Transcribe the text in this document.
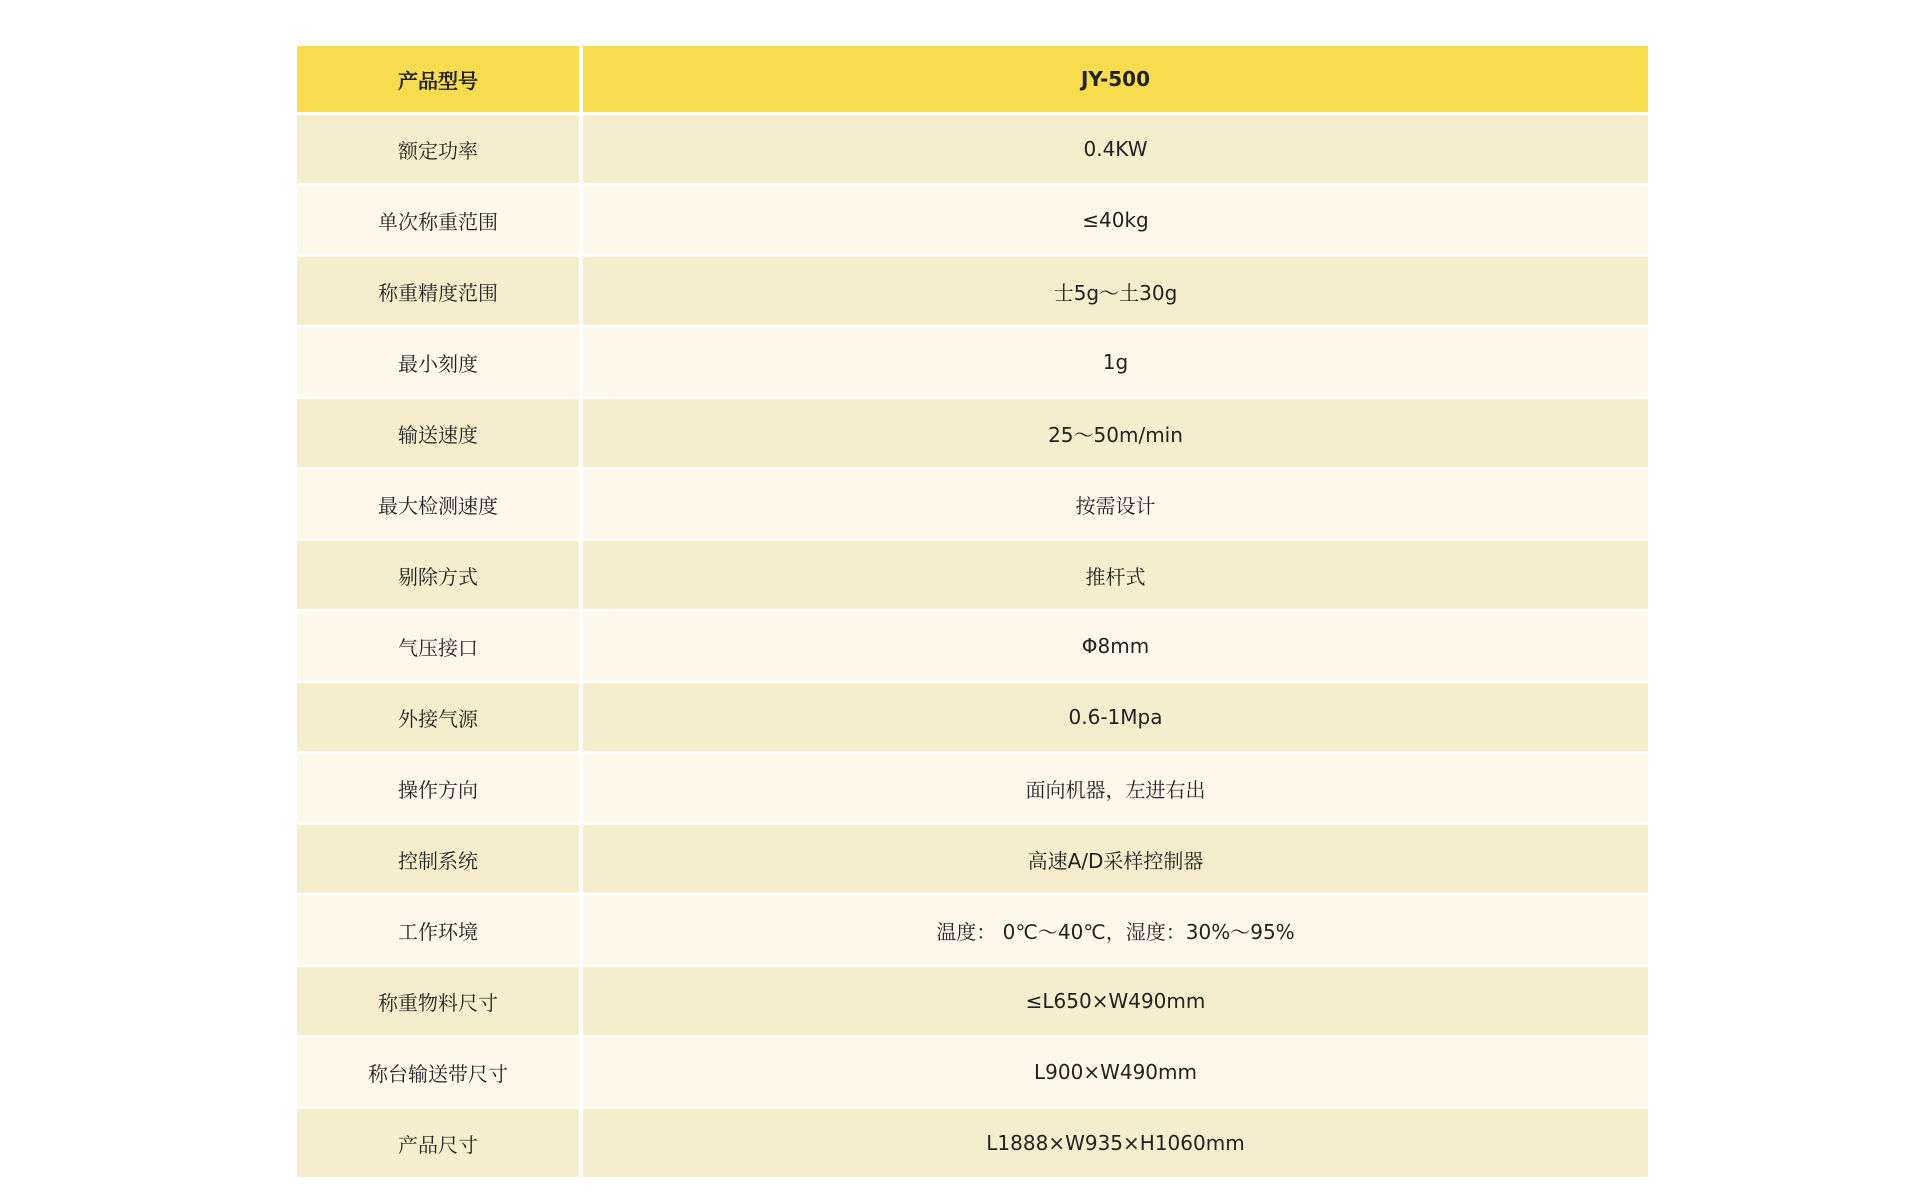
产品型号	JY-500
额定功率	0.4KW
单次称重范围	≤40kg
称重精度范围	士5g～土30g
最小刻度	1g
输送速度	25～50m/min
最大检测速度	按需设计
剔除方式	推杆式
气压接口	Φ8mm
外接气源	0.6-1Mpa
操作方向	面向机器，左进右出
控制系统	高速A/D采样控制器
工作环境	温度： 0℃～40℃，湿度：30%～95%
称重物料尺寸	≤L650×W490mm
称台输送带尺寸	L900×W490mm
产品尺寸	L1888×W935×H1060mm
